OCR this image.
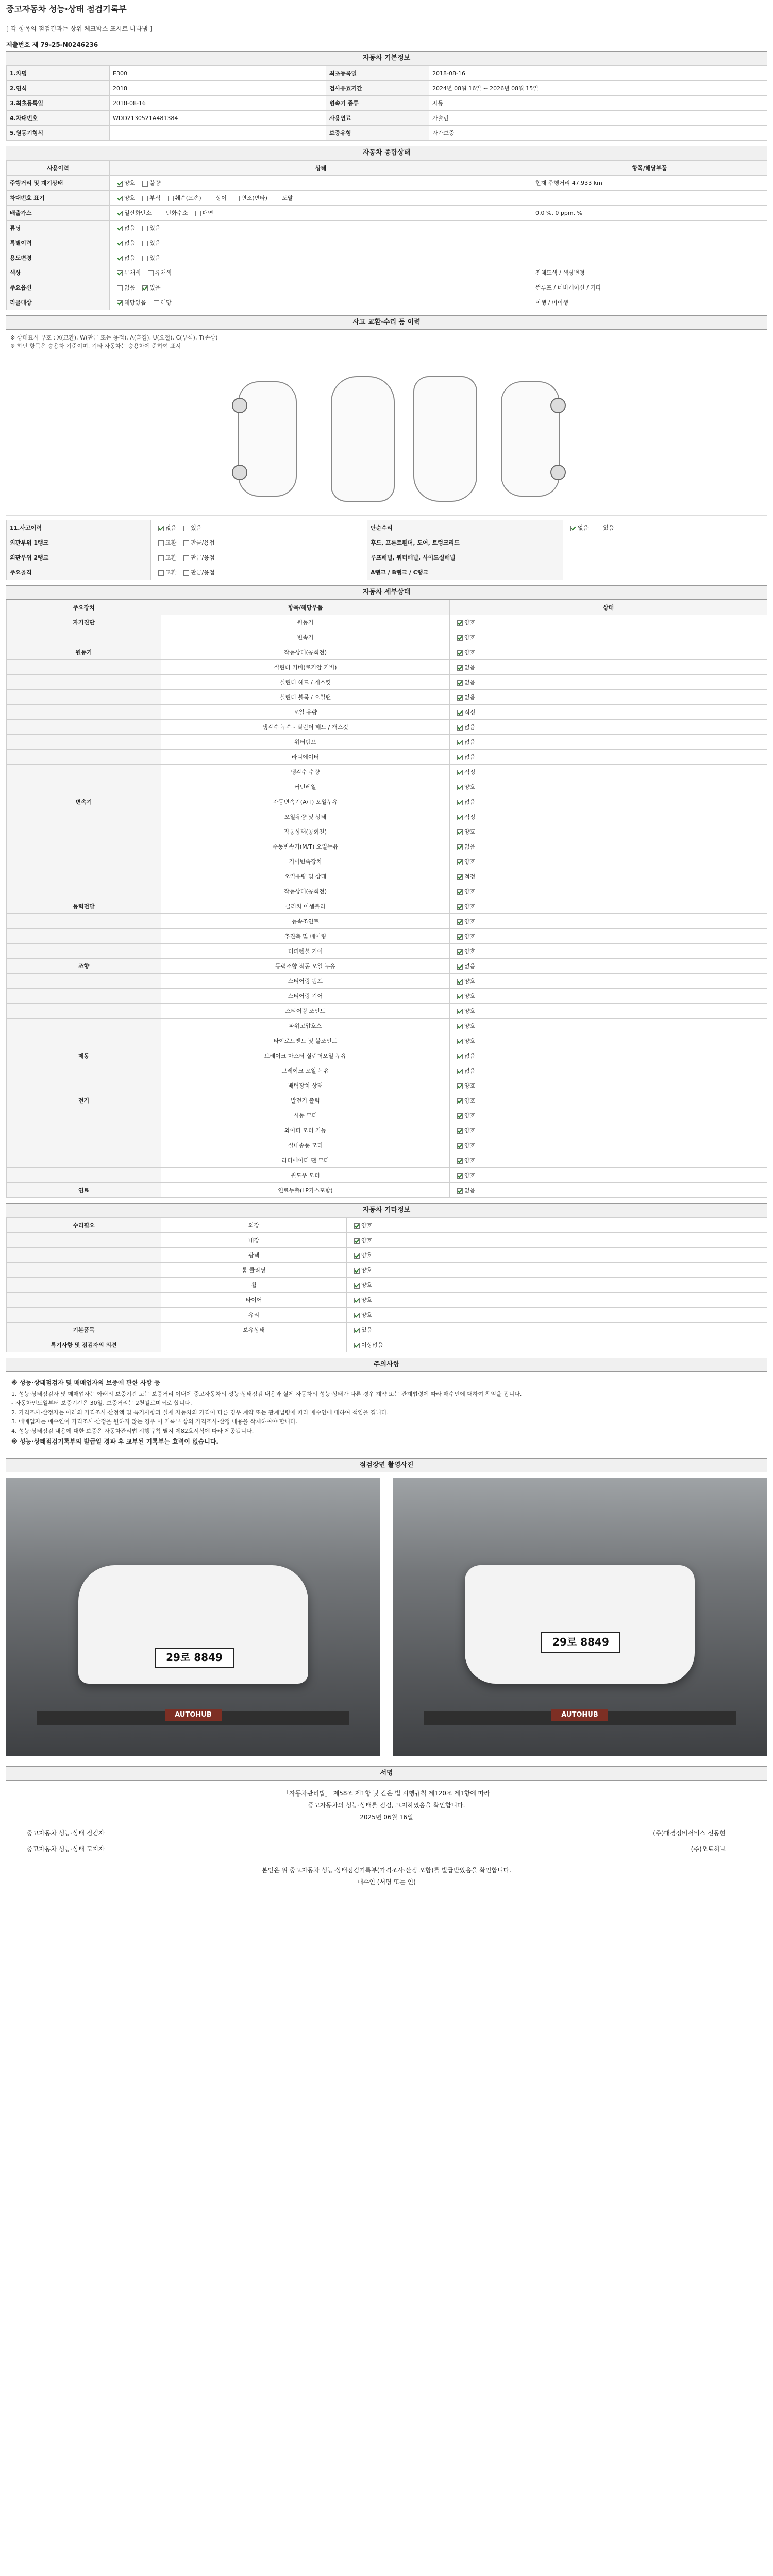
중고자동차 성능·상태 점검기록부
[ 각 항목의 점검결과는 상위 체크박스 표시로 나타냄 ]
제출번호 제 79-25-N0246236
자동차 기본정보
1.차명	E300	최초등록일	2018-08-16
2.연식	2018	검사유효기간	2024년 08월 16일 ~ 2026년 08월 15일
3.최초등록일	2018-08-16	변속기 종류	자동
4.차대번호	WDD2130521A481384	사용연료	가솔린
5.원동기형식		보증유형	자가보증
자동차 종합상태
사용이력	상태	항목/해당부품
주행거리 및 계기상태	양호 불량	현재 주행거리 47,933 km
차대번호 표기	양호 부식 훼손(오손) 상이 변조(변타) 도말	
배출가스	일산화탄소 탄화수소 매연	0.0 %, 0 ppm, %
튜닝	없음 있음	
특별이력	없음 있음	
용도변경	없음 있음	
색상	무채색 유채색	전체도색 / 색상변경
주요옵션	없음 있음	썬루프 / 네비게이션 / 기타
리콜대상	해당없음 해당	이행 / 미이행
사고 교환·수리 등 이력
※ 상태표시 부호 : X(교환), W(판금 또는 용접), A(흠집), U(요철), C(부식), T(손상)
※ 하단 항목은 승용차 기준이며, 기타 자동차는 승용차에 준하여 표시
11.사고이력	없음 있음	단순수리	없음 있음
외판부위 1랭크	교환 판금/용접	후드, 프론트휀더, 도어, 트렁크리드	
외판부위 2랭크	교환 판금/용접	루프패널, 쿼터패널, 사이드실패널	
주요골격	교환 판금/용접	A랭크 / B랭크 / C랭크	
자동차 세부상태
주요장치	항목/해당부품	상태
자기진단	원동기	양호
	변속기	양호
원동기	작동상태(공회전)	양호
	실린더 커버(로커암 커버)	없음
	실린더 헤드 / 개스킷	없음
	실린더 블록 / 오일팬	없음
	오일 유량	적정
	냉각수 누수 - 실린더 헤드 / 개스킷	없음
	워터펌프	없음
	라디에이터	없음
	냉각수 수량	적정
	커먼레일	양호
변속기	자동변속기(A/T) 오일누유	없음
	오일유량 및 상태	적정
	작동상태(공회전)	양호
	수동변속기(M/T) 오일누유	없음
	기어변속장치	양호
	오일유량 및 상태	적정
	작동상태(공회전)	양호
동력전달	클러치 어셈블리	양호
	등속조인트	양호
	추진축 및 베어링	양호
	디퍼렌셜 기어	양호
조향	동력조향 작동 오일 누유	없음
	스티어링 펌프	양호
	스티어링 기어	양호
	스티어링 조인트	양호
	파워고압호스	양호
	타이로드엔드 및 볼조인트	양호
제동	브레이크 마스터 실린더오일 누유	없음
	브레이크 오일 누유	없음
	배력장치 상태	양호
전기	발전기 출력	양호
	시동 모터	양호
	와이퍼 모터 기능	양호
	실내송풍 모터	양호
	라디에이터 팬 모터	양호
	윈도우 모터	양호
연료	연료누출(LP가스포함)	없음
자동차 기타정보
수리필요	외장	양호
	내장	양호
	광택	양호
	룸 클리닝	양호
	휠	양호
	타이어	양호
	유리	양호
기본품목	보유상태	있음
특기사항 및 점검자의 의견		이상없음
주의사항
※ 성능·상태점검자 및 매매업자의 보증에 관한 사항 등
1. 성능·상태점검자 및 매매업자는 아래의 보증기간 또는 보증거리 이내에 중고자동차의 성능·상태점검 내용과 실제 자동차의 성능·상태가 다른 경우 계약 또는 관계법령에 따라 매수인에 대하여 책임을 집니다.
- 자동차인도일부터 보증기간은 30일, 보증거리는 2천킬로미터로 합니다.
2. 가격조사·산정자는 아래의 가격조사·산정액 및 특기사항과 실제 자동차의 가격이 다른 경우 계약 또는 관계법령에 따라 매수인에 대하여 책임을 집니다.
3. 매매업자는 매수인이 가격조사·산정을 원하지 않는 경우 이 기록부 상의 가격조사·산정 내용을 삭제하여야 합니다.
4. 성능·상태점검 내용에 대한 보증은 자동차관리법 시행규칙 별지 제82호서식에 따라 제공됩니다.
※ 성능·상태점검기록부의 발급일 경과 후 교부된 기록부는 효력이 없습니다.
점검장면 촬영사진
29로 8849
AUTOHUB
29로 8849
AUTOHUB
서명

「자동차관리법」 제58조 제1항 및 같은 법 시행규칙 제120조 제1항에 따라

중고자동차의 성능·상태를 점검, 고지하였음을 확인합니다.

2025년 06월 16일

중고자동차 성능·상태 점검자	(주)대경정비서비스 신동현
중고자동차 성능·상태 고지자	(주)오토허브

본인은 위 중고자동차 성능·상태점검기록부(가격조사·산정 포함)를 발급받았음을 확인합니다.

매수인 (서명 또는 인)
